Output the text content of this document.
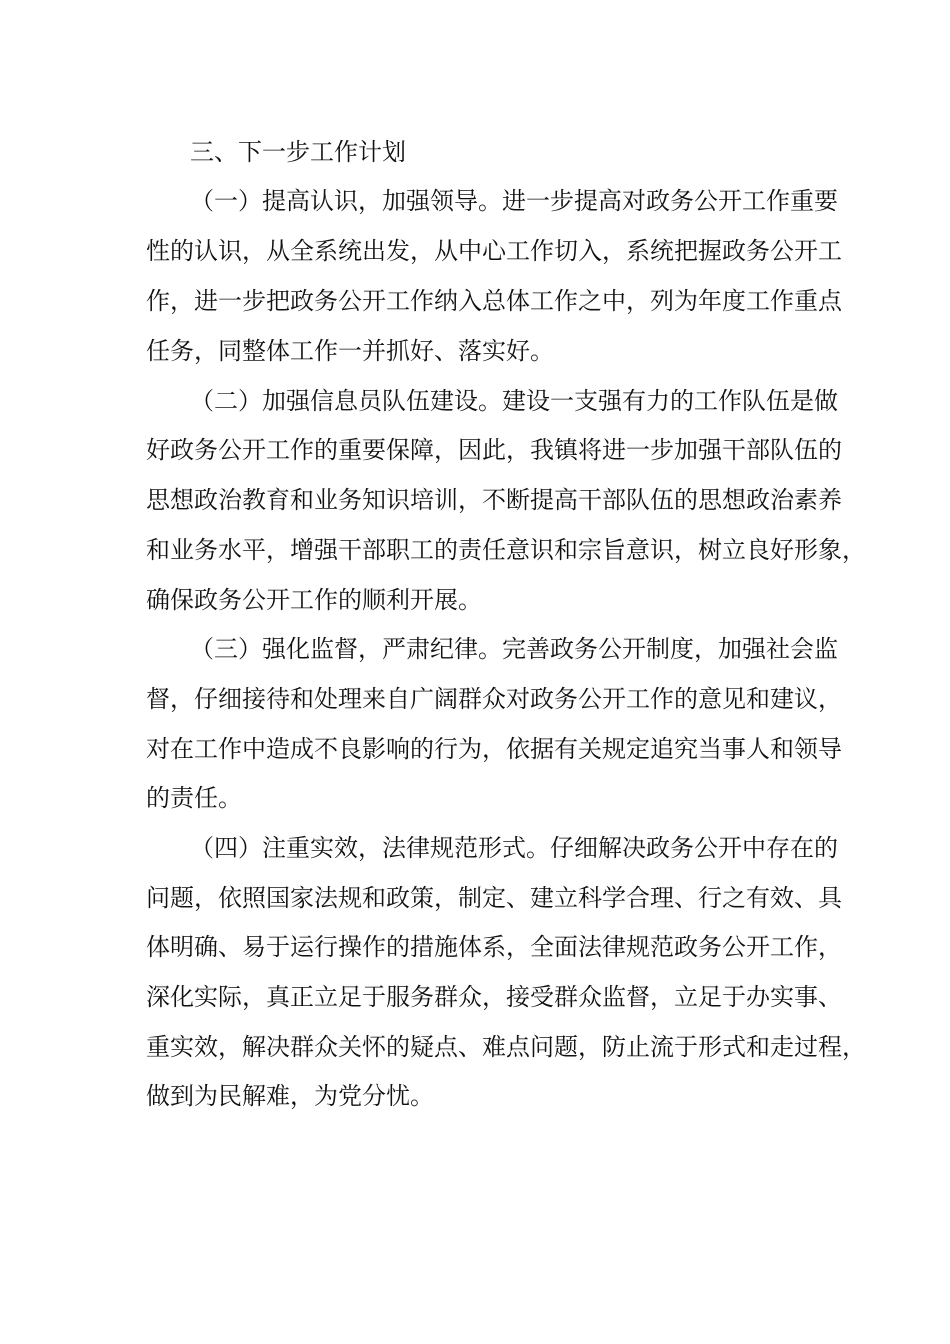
三、下一步工作计划
（一）提高认识，加强领导。进一步提高对政务公开工作重要
性的认识，从全系统出发，从中心工作切入，系统把握政务公开工
作，进一步把政务公开工作纳入总体工作之中，列为年度工作重点
任务，同整体工作一并抓好、落实好。
（二）加强信息员队伍建设。建设一支强有力的工作队伍是做
好政务公开工作的重要保障，因此，我镇将进一步加强干部队伍的
思想政治教育和业务知识培训，不断提高干部队伍的思想政治素养
和业务水平，增强干部职工的责任意识和宗旨意识，树立良好形象，
确保政务公开工作的顺利开展。
（三）强化监督，严肃纪律。完善政务公开制度，加强社会监
督，仔细接待和处理来自广阔群众对政务公开工作的意见和建议，
对在工作中造成不良影响的行为，依据有关规定追究当事人和领导
的责任。
（四）注重实效，法律规范形式。仔细解决政务公开中存在的
问题，依照国家法规和政策，制定、建立科学合理、行之有效、具
体明确、易于运行操作的措施体系，全面法律规范政务公开工作，
深化实际，真正立足于服务群众，接受群众监督，立足于办实事、
重实效，解决群众关怀的疑点、难点问题，防止流于形式和走过程，
做到为民解难，为党分忧。
